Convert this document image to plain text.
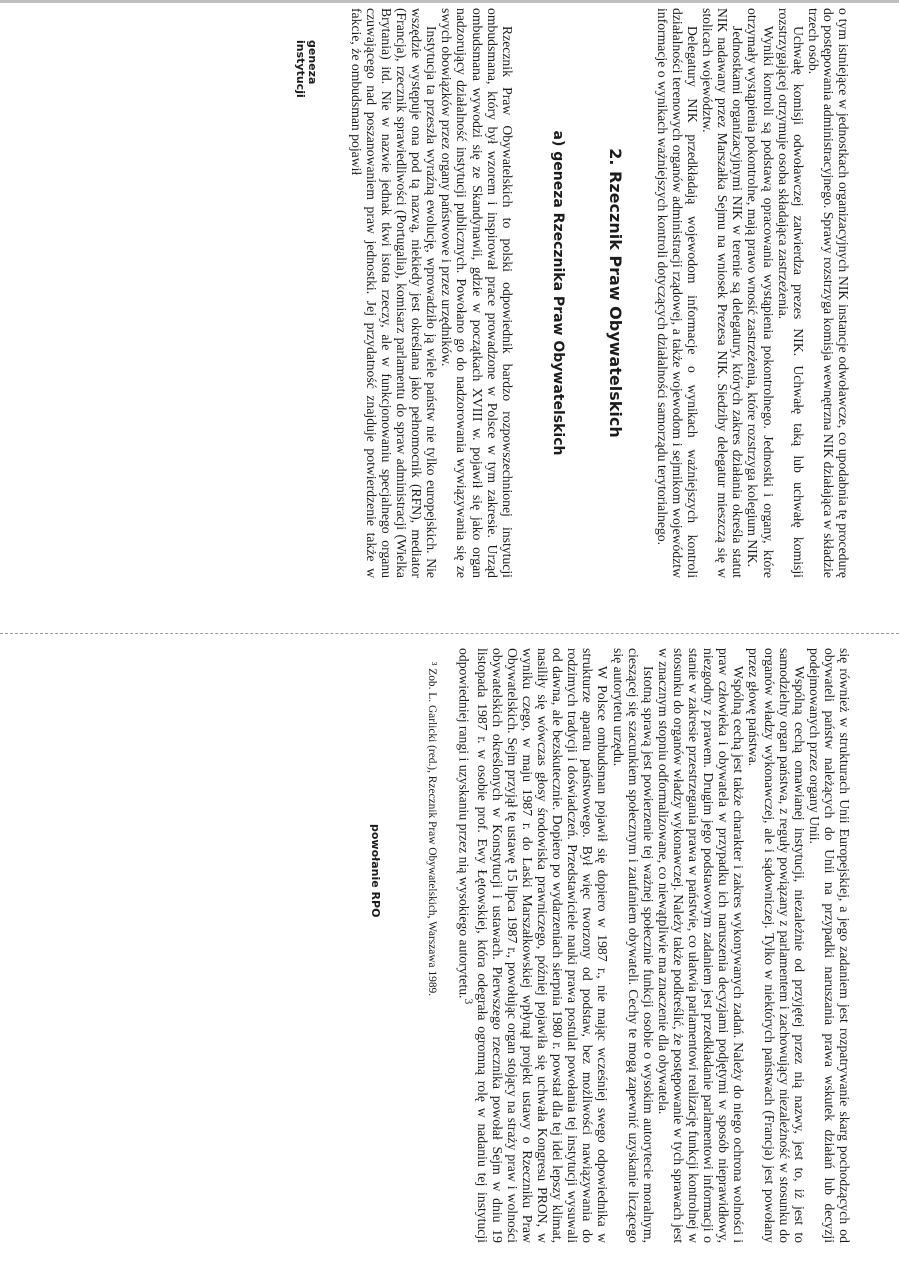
o tym istniejące w jednostkach organizacyjnych NIK instancje odwoławcze, co upodabnia tę procedurę do postępowania administracyjnego. Sprawy rozstrzyga komisja wewnętrzna NIK działająca w składzie trzech osób.

Uchwałę komisji odwoławczej zatwierdza prezes NIK. Uchwałę taką lub uchwałę komisji rozstrzygającej otrzymuje osoba składająca zastrzeżenia.

Wyniki kontroli są podstawą opracowania wystąpienia pokontrolnego. Jednostki i organy, które otrzymały wystąpienia pokontrolne, mają prawo wnosić zastrzeżenia, które rozstrzyga kolegium NIK.

Jednostkami organizacyjnymi NIK w terenie są delegatury, których zakres działania określa statut NIK nadawany przez Marszałka Sejmu na wniosek Prezesa NIK. Siedziby delegatur mieszczą się w stolicach województw.

Delegatury NIK przedkładają wojewodom informacje o wynikach ważniejszych kontroli działalności terenowych organów administracji rządowej, a także wojewodom i sejmikom województw informacje o wynikach ważniejszych kontroli dotyczących działalności samorządu terytorialnego.

2. Rzecznik Praw Obywatelskich
a) geneza Rzecznika Praw Obywatelskich

Rzecznik Praw Obywatelskich to polski odpowiednik bardzo rozpowszechnionej instytucji ombudsmana, który był wzorem i inspirował prace prowadzone w Polsce w tym zakresie. Urząd ombudsmana wywodzi się ze Skandynawii, gdzie w początkach XVIII w. pojawił się jako organ nadzorujący działalność instytucji publicznych. Powołano go do nadzorowania wywiązywania się ze swych obowiązków przez organy państwowe i przez urzędników.

Instytucja ta przeszła wyraźną ewolucję, wprowadziło ją wiele państw nie tylko europejskich. Nie wszędzie występuje ona pod tą nazwą, niekiedy jest określana jako pełnomocnik (RFN), mediator (Francja), rzecznik sprawiedliwości (Portugalia), komisarz parlamentu do spraw administracji (Wielka Brytania) itd. Nie w nazwie jednak tkwi istota rzeczy, ale w funkcjonowaniu specjalnego organu czuwającego nad poszanowaniem praw jednostki. Jej przydatność znajduje potwierdzenie także w fakcie, że ombudsman pojawił

się również w strukturach Unii Europejskiej, a jego zadaniem jest rozpatrywanie skarg pochodzących od obywateli państw należących do Unii na przypadki naruszania prawa wskutek działań lub decyzji podejmowanych przez organy Unii.

Wspólną cechą omawianej instytucji, niezależnie od przyjętej przez nią nazwy, jest to, iż jest to samodzielny organ państwa, z reguły powiązany z parlamentem i zachowujący niezależność w stosunku do organów władzy wykonawczej, ale i sądowniczej. Tylko w niektórych państwach (Francja) jest powołany przez głowę państwa.

Wspólną cechą jest także charakter i zakres wykonywanych zadań. Należy do niego ochrona wolności i praw człowieka i obywatela w przypadku ich naruszenia decyzjami podjętymi w sposób nieprawidłowy, niezgodny z prawem. Drugim jego podstawowym zadaniem jest przedkładanie parlamentowi informacji o stanie w zakresie przestrzegania prawa w państwie, co ułatwia parlamentowi realizację funkcji kontrolnej w stosunku do organów władzy wykonawczej. Należy także podkreślić, że postępowanie w tych sprawach jest w znacznym stopniu odformalizowane, co niewątpliwie ma znaczenie dla obywatela.

Istotną sprawą jest powierzenie tej ważnej społecznie funkcji osobie o wysokim autorytecie moralnym, cieszącej się szacunkiem społecznym i zaufaniem obywateli. Cechy te mogą zapewnić uzyskanie liczącego się autorytetu urzędu.

W Polsce ombudsman pojawił się dopiero w 1987 r., nie mając wcześniej swego odpowiednika w strukturze aparatu państwowego. Był więc tworzony od podstaw, bez możliwości nawiązywania do rodzimych tradycji i doświadczeń. Przedstawiciele nauki prawa postulat powołania tej instytucji wysuwali od dawna, ale bezskutecznie. Dopiero po wydarzeniach sierpnia 1980 r. powstał dla tej idei lepszy klimat, nasiliły się wówczas głosy środowiska prawniczego, później pojawiła się uchwała Kongresu PRON, w wyniku czego, w maju 1987 r. do Laski Marszałkowskiej wpłynął projekt ustawy o Rzeczniku Praw Obywatelskich. Sejm przyjął tę ustawę 15 lipca 1987 r., powołując organ stojący na straży praw i wolności obywatelskich określonych w Konstytucji i ustawach. Pierwszego rzecznika powołał Sejm w dniu 19 listopada 1987 r. w osobie prof. Ewy Łętowskiej, która odegrała ogromną rolę w nadaniu tej instytucji odpowiedniej rangi i uzyskaniu przez nią wysokiego autorytetu.$^3$

³ Zob. L. Garlicki (red.), Rzecznik Praw Obywatelskich, Warszawa 1989.
geneza instytucji
powołanie RPO
